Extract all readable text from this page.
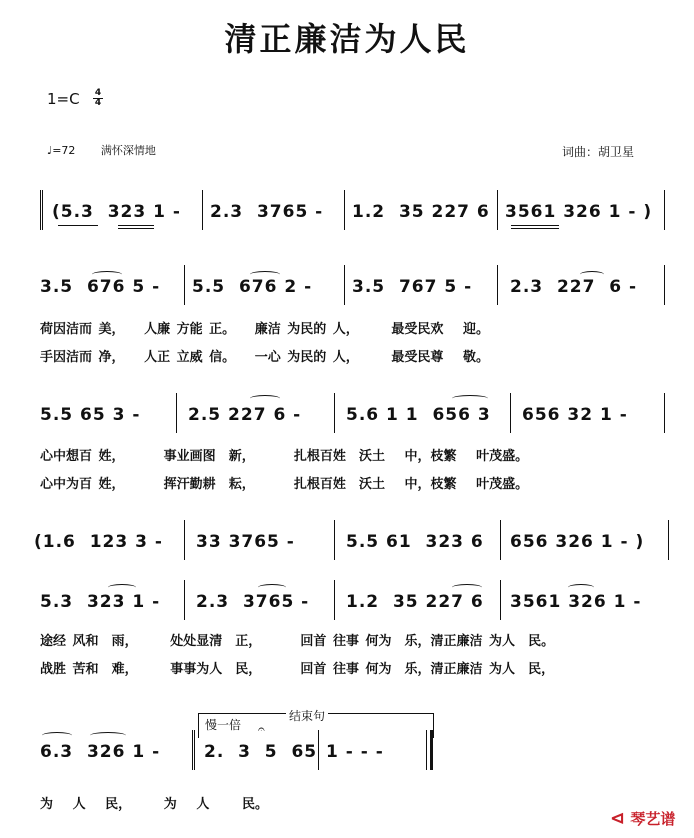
清正廉洁为人民
1=C 4
4
♩=72 满怀深情地	词曲：胡卫星
(5.3  323 1 - 2.3  3765 - 1.2  35 227 6 3561 326 1 - )
3.5  676 5 - 5.5  676 2 - 3.5  767 5 - 2.3  227  6 -
荷因洁而 美，   人廉 方能 正。   廉洁 为民的 人，     最受民欢   迎。
手因洁而 净，   人正 立威 信。   一心 为民的 人，     最受民尊   敬。
5.5 65 3 -	2.5 227 6 -	5.6 1 1  656 3 656 32 1 -
心中想百 姓，      事业画图  新，      扎根百姓  沃土   中，枝繁   叶茂盛。
心中为百 姓，      挥汗勤耕  耘，      扎根百姓  沃土   中，枝繁   叶茂盛。
(1.6  123 3 - 33 3765 -	5.5 61  323 6 656 326 1 - )
5.3  323 1 - 2.3  3765 - 1.2  35 227 6 3561 326 1 -
途经 风和  雨，     处处显清  正，      回首 往事 何为  乐，清正廉洁 为人  民。
战胜 苦和  难，     事事为人  民，      回首 往事 何为  乐，清正廉洁 为人  民，
慢一倍
结束句
𝄐
6.3  326 1 -	2.  3  5  65 1 - - -
为   人   民，     为   人     民。
⊲ 琴艺谱
